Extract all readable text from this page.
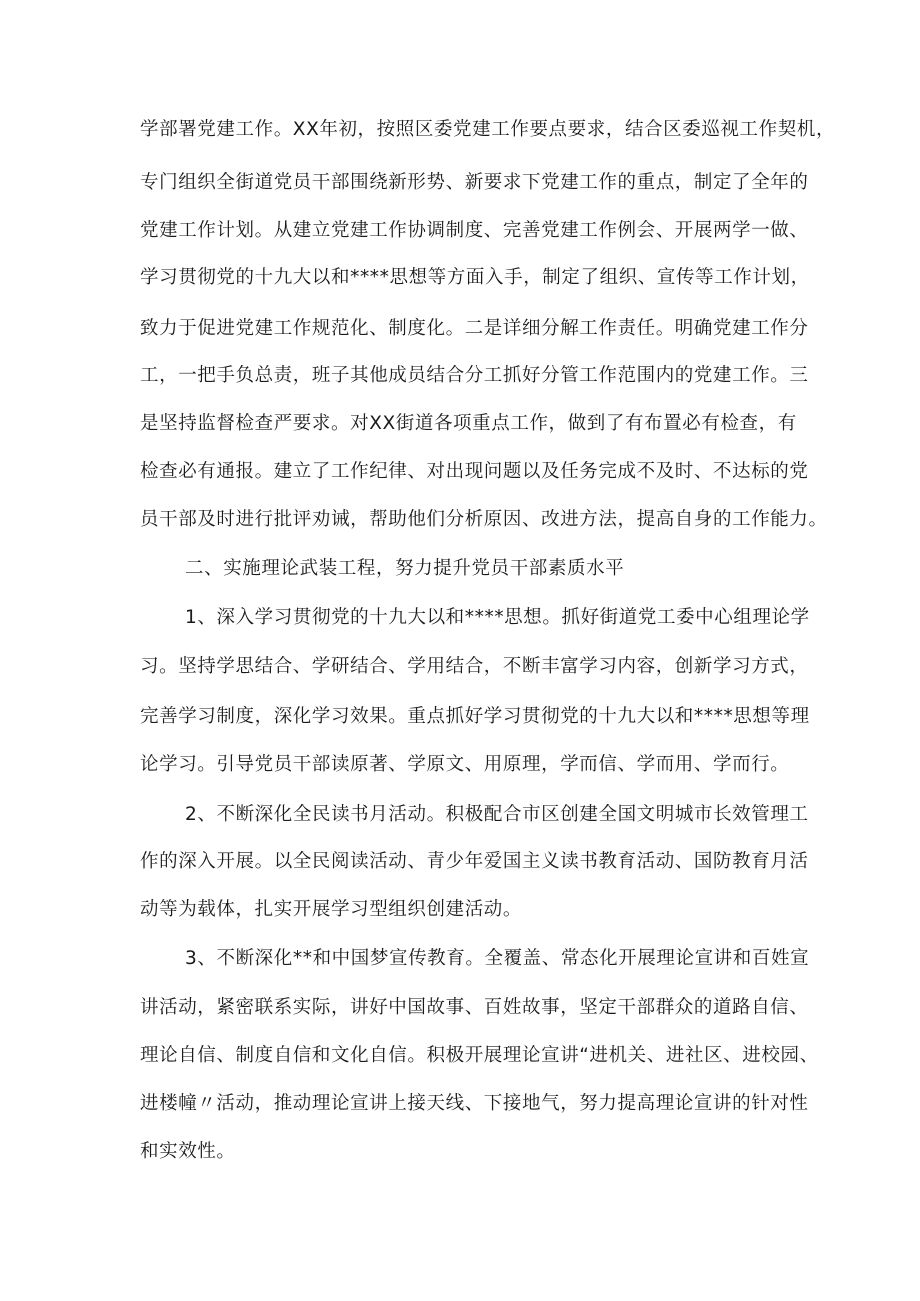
学部署党建工作。XX年初，按照区委党建工作要点要求，结合区委巡视工作契机，
专门组织全街道党员干部围绕新形势、新要求下党建工作的重点，制定了全年的
党建工作计划。从建立党建工作协调制度、完善党建工作例会、开展两学一做、
学习贯彻党的十九大以和****思想等方面入手，制定了组织、宣传等工作计划，
致力于促进党建工作规范化、制度化。二是详细分解工作责任。明确党建工作分
工，一把手负总责，班子其他成员结合分工抓好分管工作范围内的党建工作。三
是坚持监督检查严要求。对XX街道各项重点工作，做到了有布置必有检查，有
检查必有通报。建立了工作纪律、对出现问题以及任务完成不及时、不达标的党
员干部及时进行批评劝诫，帮助他们分析原因、改进方法，提高自身的工作能力。
二、实施理论武装工程，努力提升党员干部素质水平
1、深入学习贯彻党的十九大以和****思想。抓好街道党工委中心组理论学
习。坚持学思结合、学研结合、学用结合，不断丰富学习内容，创新学习方式，
完善学习制度，深化学习效果。重点抓好学习贯彻党的十九大以和****思想等理
论学习。引导党员干部读原著、学原文、用原理，学而信、学而用、学而行。
2、不断深化全民读书月活动。积极配合市区创建全国文明城市长效管理工
作的深入开展。以全民阅读活动、青少年爱国主义读书教育活动、国防教育月活
动等为载体，扎实开展学习型组织创建活动。
3、不断深化**和中国梦宣传教育。全覆盖、常态化开展理论宣讲和百姓宣
讲活动，紧密联系实际，讲好中国故事、百姓故事，坚定干部群众的道路自信、
理论自信、制度自信和文化自信。积极开展理论宣讲“进机关、进社区、进校园、
进楼幢〃活动，推动理论宣讲上接天线、下接地气，努力提高理论宣讲的针对性
和实效性。
